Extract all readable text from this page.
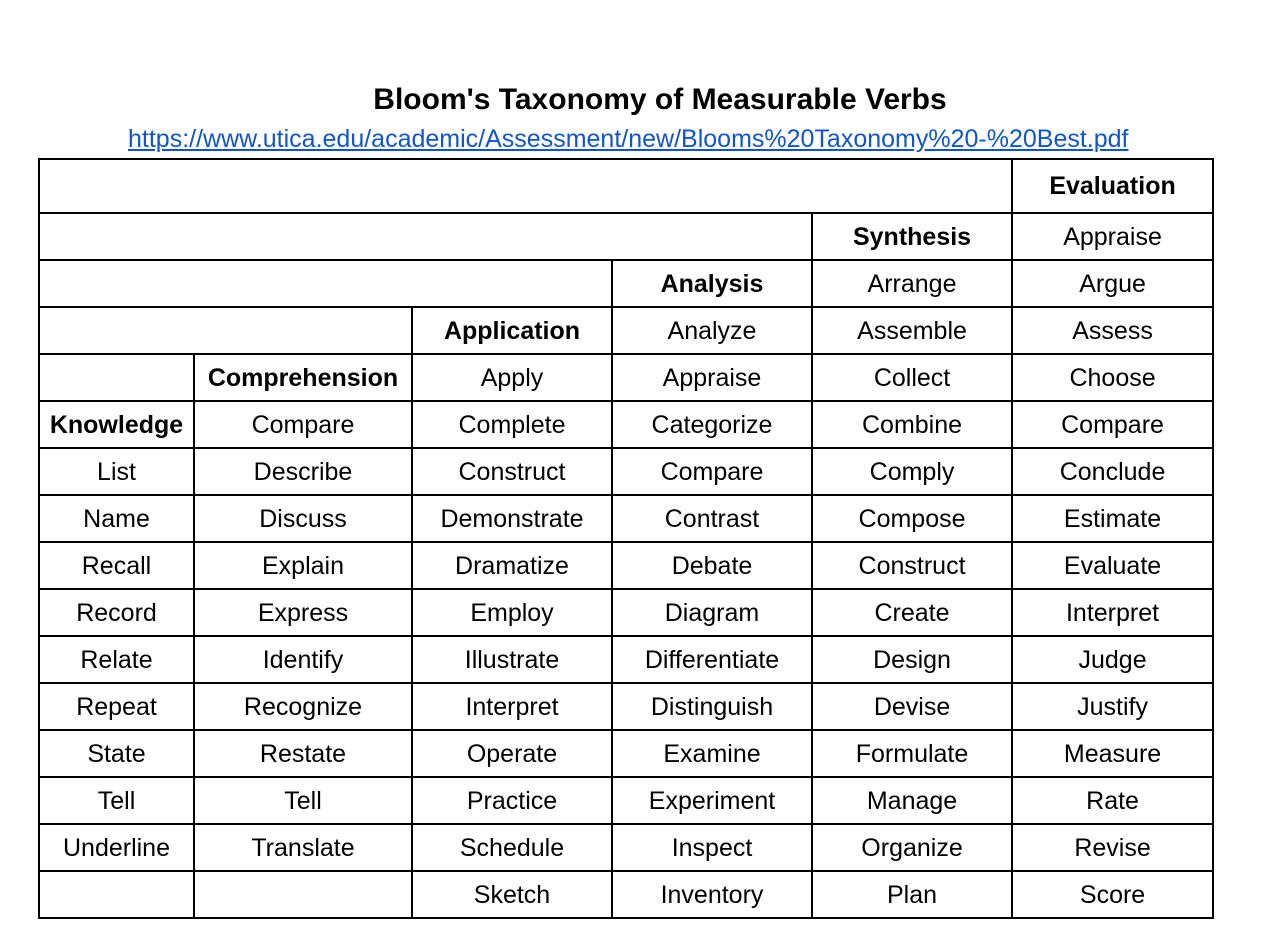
Bloom's Taxonomy of Measurable Verbs
https://www.utica.edu/academic/Assessment/new/Blooms%20Taxonomy%20-%20Best.pdf
					Evaluation
				Synthesis	Appraise
			Analysis	Arrange	Argue
		Application	Analyze	Assemble	Assess
	Comprehension	Apply	Appraise	Collect	Choose
Knowledge	Compare	Complete	Categorize	Combine	Compare
List	Describe	Construct	Compare	Comply	Conclude
Name	Discuss	Demonstrate	Contrast	Compose	Estimate
Recall	Explain	Dramatize	Debate	Construct	Evaluate
Record	Express	Employ	Diagram	Create	Interpret
Relate	Identify	Illustrate	Differentiate	Design	Judge
Repeat	Recognize	Interpret	Distinguish	Devise	Justify
State	Restate	Operate	Examine	Formulate	Measure
Tell	Tell	Practice	Experiment	Manage	Rate
Underline	Translate	Schedule	Inspect	Organize	Revise
		Sketch	Inventory	Plan	Score
